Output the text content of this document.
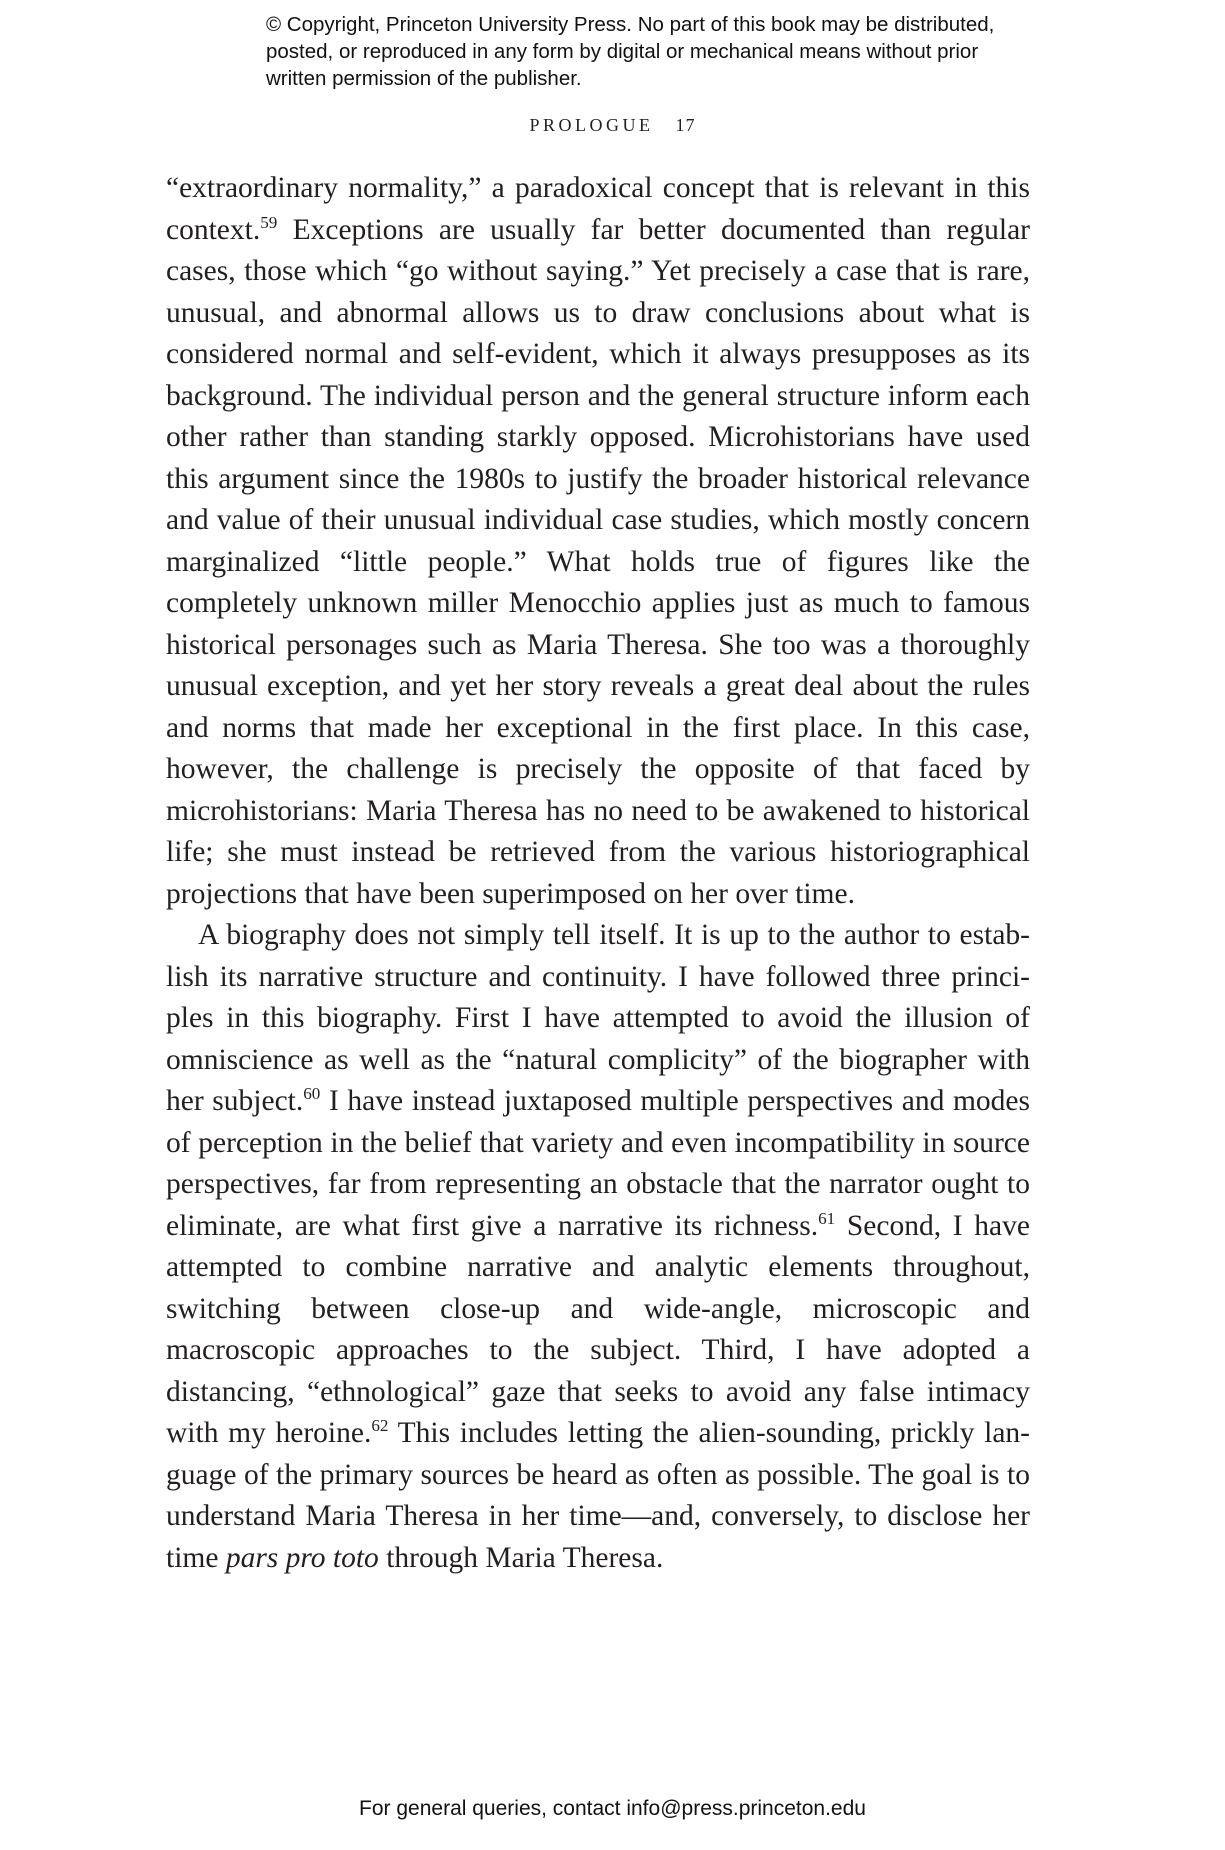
© Copyright, Princeton University Press. No part of this book may be distributed, posted, or reproduced in any form by digital or mechanical means without prior written permission of the publisher.
PROLOGUE 17

“extraordinary normality,” a paradoxical concept that is relevant in this context.$^{59}$ Exceptions are usually far better documented than regular cases, those which “go without saying.” Yet precisely a case that is rare, unusual, and abnormal allows us to draw conclusions about what is considered normal and self-evident, which it always presupposes as its background. The individual person and the general structure inform each other rather than standing starkly opposed. Microhistorians have used this argument since the 1980s to justify the broader historical relevance and value of their unusual individual case studies, which mostly concern marginalized “little people.” What holds true of figures like the completely unknown miller Menocchio applies just as much to famous historical personages such as Maria Theresa. She too was a thoroughly unusual exception, and yet her story reveals a great deal about the rules and norms that made her exceptional in the first place. In this case, however, the challenge is precisely the opposite of that faced by microhistorians: Maria Theresa has no need to be awakened to historical life; she must instead be retrieved from the various historiographical projections that have been superimposed on her over time.

A biography does not simply tell itself. It is up to the author to establish its narrative structure and continuity. I have followed three principles in this biography. First I have attempted to avoid the illusion of omniscience as well as the “natural complicity” of the biographer with her subject.$^{60}$ I have instead juxtaposed multiple perspectives and modes of perception in the belief that variety and even incompatibility in source perspectives, far from representing an obstacle that the narrator ought to eliminate, are what first give a narrative its richness.$^{61}$ Second, I have attempted to combine narrative and analytic elements throughout, switching between close-up and wide-angle, microscopic and macroscopic approaches to the subject. Third, I have adopted a distancing, “ethnological” gaze that seeks to avoid any false intimacy with my heroine.$^{62}$ This includes letting the alien-sounding, prickly language of the primary sources be heard as often as possible. The goal is to understand Maria Theresa in her time—and, conversely, to disclose her time pars pro toto through Maria Theresa.

For general queries, contact info@press.princeton.edu
